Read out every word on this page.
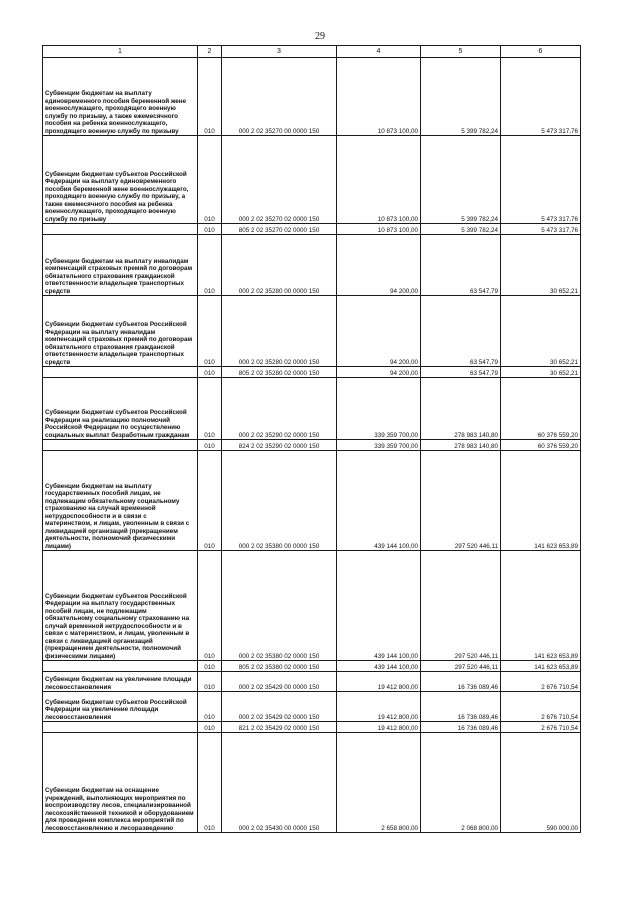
29
1	2	3	4	5	6
Субвенции бюджетам на выплату единовременного пособия беременной жене военнослужащего, проходящего военную службу по призыву, а также ежемесячного пособия на ребенка военнослужащего, проходящего военную службу по призыву	010	000 2 02 35270 00 0000 150	10 873 100,00	5 399 782,24	5 473 317,76
Субвенции бюджетам субъектов Российской Федерации на выплату единовременного пособия беременной жене военнослужащего, проходящего военную службу по призыву, а также ежемесячного пособия на ребенка военнослужащего, проходящего военную службу по призыву	010	000 2 02 35270 02 0000 150	10 873 100,00	5 399 782,24	5 473 317,76
	010	805 2 02 35270 02 0000 150	10 873 100,00	5 399 782,24	5 473 317,76
Субвенции бюджетам на выплату инвалидам компенсаций страховых премий по договорам обязательного страхования гражданской ответственности владельцев транспортных средств	010	000 2 02 35280 00 0000 150	94 200,00	63 547,79	30 652,21
Субвенции бюджетам субъектов Российской Федерации на выплату инвалидам компенсаций страховых премий по договорам обязательного страхования гражданской ответственности владельцев транспортных средств	010	000 2 02 35280 02 0000 150	94 200,00	63 547,79	30 652,21
	010	805 2 02 35280 02 0000 150	94 200,00	63 547,79	30 652,21
Субвенции бюджетам субъектов Российской Федерации на реализацию полномочий Российской Федерации по осуществлению социальных выплат безработным гражданам	010	000 2 02 35290 02 0000 150	339 359 700,00	278 983 140,80	60 376 559,20
	010	824 2 02 35290 02 0000 150	339 359 700,00	278 983 140,80	60 376 559,20
Субвенции бюджетам на выплату государственных пособий лицам, не подлежащим обязательному социальному страхованию на случай временной нетрудоспособности и в связи с материнством, и лицам, уволенным в связи с ликвидацией организаций (прекращением деятельности, полномочий физическими лицами)	010	000 2 02 35380 00 0000 150	439 144 100,00	297 520 446,11	141 623 653,89
Субвенции бюджетам субъектов Российской Федерации на выплату государственных пособий лицам, не подлежащим обязательному социальному страхованию на случай временной нетрудоспособности и в связи с материнством, и лицам, уволенным в связи с ликвидацией организаций (прекращением деятельности, полномочий физическими лицами)	010	000 2 02 35380 02 0000 150	439 144 100,00	297 520 446,11	141 623 653,89
	010	805 2 02 35380 02 0000 150	439 144 100,00	297 520 446,11	141 623 653,89
Субвенции бюджетам на увеличение площади лесовосстановления	010	000 2 02 35429 00 0000 150	19 412 800,00	16 736 089,46	2 676 710,54
Субвенции бюджетам субъектов Российской Федерации на увеличение площади лесовосстановления	010	000 2 02 35429 02 0000 150	19 412 800,00	16 736 089,46	2 676 710,54
	010	821 2 02 35429 02 0000 150	19 412 800,00	16 736 089,46	2 676 710,54
Субвенции бюджетам на оснащение учреждений, выполняющих мероприятия по воспроизводству лесов, специализированной лесохозяйственной техникой и оборудованием для проведения комплекса мероприятий по лесовосстановлению и лесоразведению	010	000 2 02 35430 00 0000 150	2 658 800,00	2 068 800,00	590 000,00
